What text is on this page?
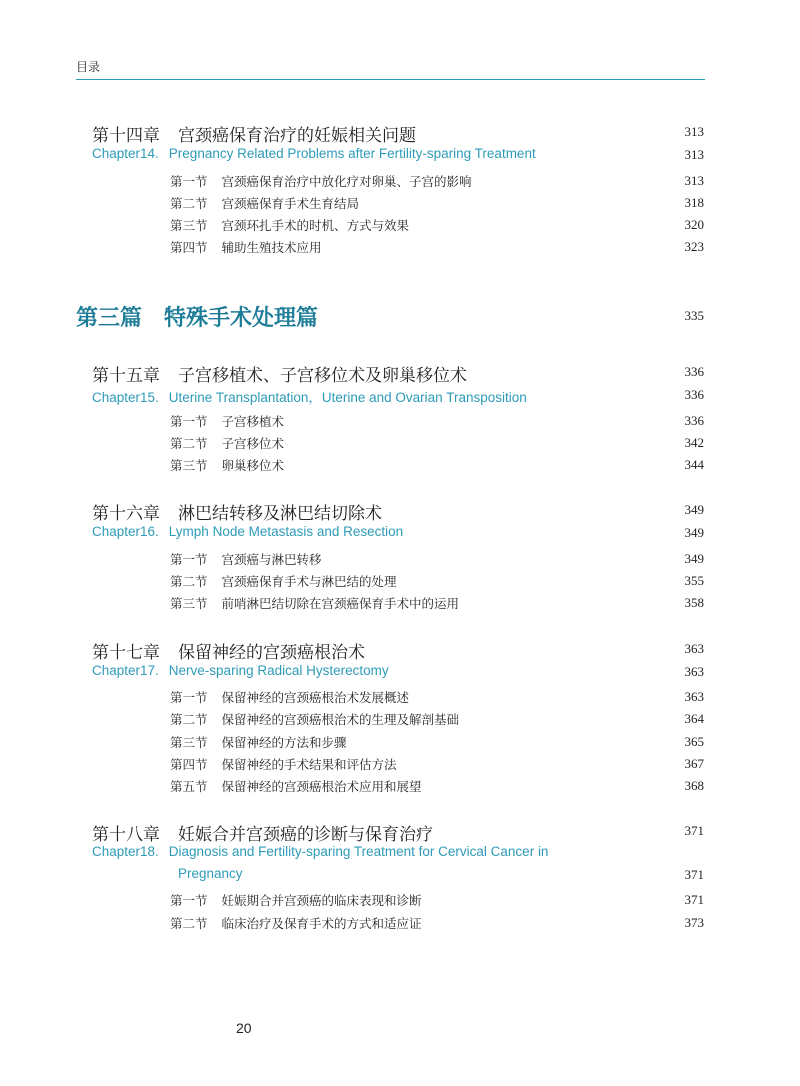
目录
第十四章 宫颈癌保育治疗的妊娠相关问题	313
Chapter14. Pregnancy Related Problems after Fertility-sparing Treatment	313
第一节 宫颈癌保育治疗中放化疗对卵巢、子宫的影响	313
第二节 宫颈癌保育手术生育结局	318
第三节 宫颈环扎手术的时机、方式与效果	320
第四节 辅助生殖技术应用	323
第三篇 特殊手术处理篇	335
第十五章 子宫移植术、子宫移位术及卵巢移位术	336
Chapter15. Uterine Transplantation，Uterine and Ovarian Transposition	336
第一节 子宫移植术	336
第二节 子宫移位术	342
第三节 卵巢移位术	344
第十六章 淋巴结转移及淋巴结切除术	349
Chapter16. Lymph Node Metastasis and Resection	349
第一节 宫颈癌与淋巴转移	349
第二节 宫颈癌保育手术与淋巴结的处理	355
第三节 前哨淋巴结切除在宫颈癌保育手术中的运用	358
第十七章 保留神经的宫颈癌根治术	363
Chapter17. Nerve-sparing Radical Hysterectomy	363
第一节 保留神经的宫颈癌根治术发展概述	363
第二节 保留神经的宫颈癌根治术的生理及解剖基础	364
第三节 保留神经的方法和步骤	365
第四节 保留神经的手术结果和评估方法	367
第五节 保留神经的宫颈癌根治术应用和展望	368
第十八章 妊娠合并宫颈癌的诊断与保育治疗	371
Chapter18. Diagnosis and Fertility-sparing Treatment for Cervical Cancer in
Pregnancy	371
第一节 妊娠期合并宫颈癌的临床表现和诊断	371
第二节 临床治疗及保育手术的方式和适应证	373
20
